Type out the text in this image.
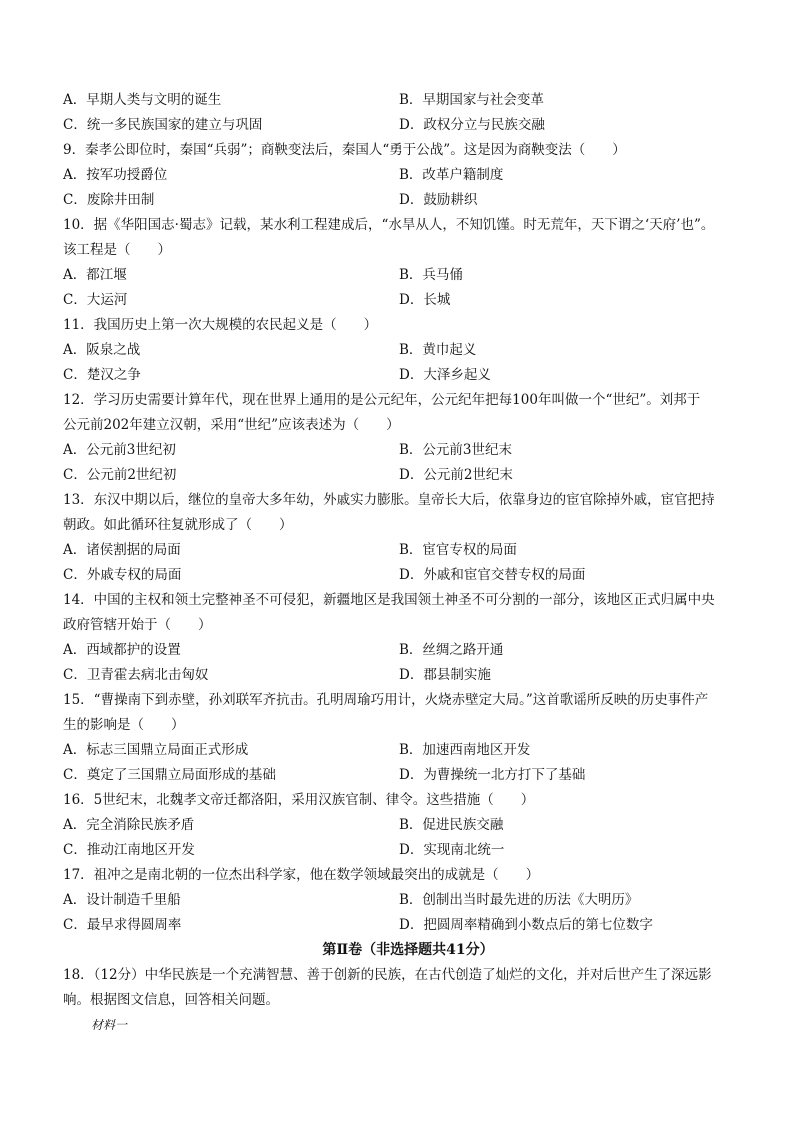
A．早期人类与文明的诞生	B．早期国家与社会变革
C．统一多民族国家的建立与巩固	D．政权分立与民族交融
9．秦孝公即位时，秦国“兵弱”；商鞅变法后，秦国人“勇于公战”。这是因为商鞅变法（　　）
A．按军功授爵位	B．改革户籍制度
C．废除井田制	D．鼓励耕织
10．据《华阳国志·蜀志》记载，某水利工程建成后，“水旱从人，不知饥馑。时无荒年，天下谓之‘天府’也”。
该工程是（　　）
A．都江堰	B．兵马俑
C．大运河	D．长城
11．我国历史上第一次大规模的农民起义是（　　）
A．阪泉之战	B．黄巾起义
C．楚汉之争	D．大泽乡起义
12．学习历史需要计算年代，现在世界上通用的是公元纪年，公元纪年把每100年叫做一个“世纪”。刘邦于
公元前202年建立汉朝，采用“世纪”应该表述为（　　）
A．公元前3世纪初	B．公元前3世纪末
C．公元前2世纪初	D．公元前2世纪末
13．东汉中期以后，继位的皇帝大多年幼，外戚实力膨胀。皇帝长大后，依靠身边的宦官除掉外戚，宦官把持
朝政。如此循环往复就形成了（　　）
A．诸侯割据的局面	B．宦官专权的局面
C．外戚专权的局面	D．外戚和宦官交替专权的局面
14．中国的主权和领土完整神圣不可侵犯，新疆地区是我国领土神圣不可分割的一部分，该地区正式归属中央
政府管辖开始于（　　）
A．西域都护的设置	B．丝绸之路开通
C．卫青霍去病北击匈奴	D．郡县制实施
15．“曹操南下到赤壁，孙刘联军齐抗击。孔明周瑜巧用计，火烧赤壁定大局。”这首歌谣所反映的历史事件产
生的影响是（　　）
A．标志三国鼎立局面正式形成	B．加速西南地区开发
C．奠定了三国鼎立局面形成的基础	D．为曹操统一北方打下了基础
16．5世纪末，北魏孝文帝迁都洛阳，采用汉族官制、律令。这些措施（　　）
A．完全消除民族矛盾	B．促进民族交融
C．推动江南地区开发	D．实现南北统一
17．祖冲之是南北朝的一位杰出科学家，他在数学领域最突出的成就是（　　）
A．设计制造千里船	B．创制出当时最先进的历法《大明历》
C．最早求得圆周率	D．把圆周率精确到小数点后的第七位数字
第Ⅱ卷（非选择题共41分）
18．（12分）中华民族是一个充满智慧、善于创新的民族，在古代创造了灿烂的文化，并对后世产生了深远影
响。根据图文信息，回答相关问题。
材料一
